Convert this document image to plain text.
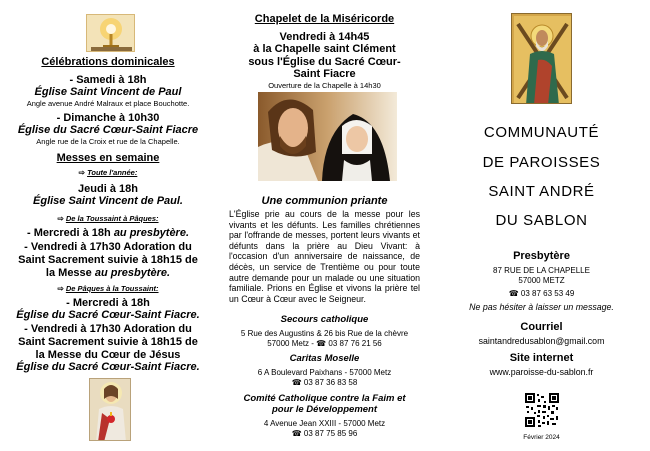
Célébrations dominicales
- Samedi à 18h
Église Saint Vincent de Paul
Angle avenue André Malraux et place Bouchotte.
- Dimanche à 10h30
Église du Sacré Cœur-Saint Fiacre
Angle rue de la Croix et rue de la Chapelle.
Messes en semaine
⇨ Toute l'année:
Jeudi à 18h
Église Saint Vincent de Paul.
⇨ De la Toussaint à Pâques:
- Mercredi à 18h au presbytère.
- Vendredi à 17h30 Adoration du
Saint Sacrement suivie à 18h15 de
la Messe au presbytère.
⇨ De Pâques à la Toussaint:
- Mercredi à 18h
Église du Sacré Cœur-Saint Fiacre.
- Vendredi à 17h30 Adoration du
Saint Sacrement suivie à 18h15 de
la Messe du Cœur de Jésus
Église du Sacré Cœur-Saint Fiacre.
Chapelet de la Miséricorde
Vendredi à 14h45
à la Chapelle saint Clément
sous l'Église du Sacré Cœur-
Saint Fiacre
Ouverture de la Chapelle à 14h30
Une communion priante
L'Église prie au cours de la messe pour les vivants et les défunts. Les familles chrétiennes par l'offrande de messes, portent leurs vivants et défunts dans la prière au Dieu Vivant: à l'occasion d'un anniversaire de naissance, de décès, un service de Trentième ou pour toute autre demande pour un malade ou une situation familiale. Prions en Église et vivons la prière tel un Cœur à Cœur avec le Seigneur.
Secours catholique
5 Rue des Augustins & 26 bis Rue de la chèvre
57000 Metz - ☎ 03 87 76 21 56
Caritas Moselle
6 A Boulevard Paixhans - 57000 Metz
☎ 03 87 36 83 58
Comité Catholique contre la Faim et
pour le Développement
4 Avenue Jean XXIII - 57000 Metz
☎ 03 87 75 85 96
COMMUNAUTÉ
DE PAROISSES
SAINT ANDRÉ
DU SABLON
Presbytère
87 RUE DE LA CHAPELLE
57000 METZ
☎ 03 87 63 53 49
Ne pas hésiter à laisser un message.
Courriel
saintandredusablon@gmail.com
Site internet
www.paroisse-du-sablon.fr
Février 2024
